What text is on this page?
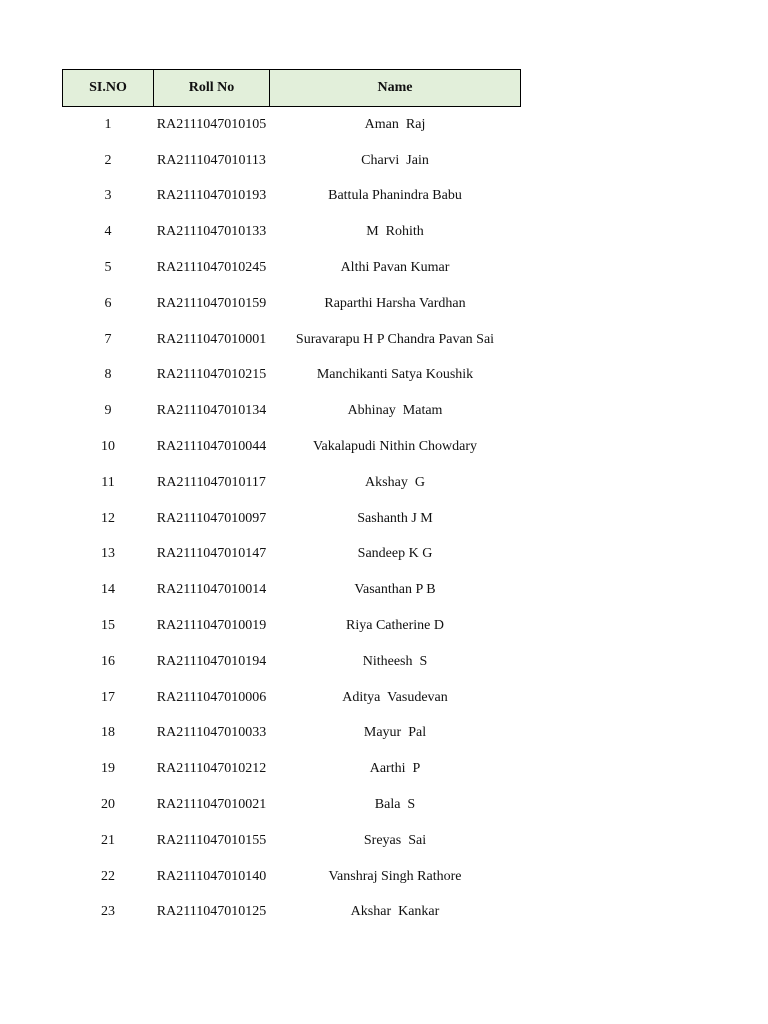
SI.NO	Roll No	Name
1	RA2111047010105	Aman  Raj
2	RA2111047010113	Charvi  Jain
3	RA2111047010193	Battula Phanindra Babu
4	RA2111047010133	M  Rohith
5	RA2111047010245	Althi Pavan Kumar
6	RA2111047010159	Raparthi Harsha Vardhan
7	RA2111047010001	Suravarapu H P Chandra Pavan Sai
8	RA2111047010215	Manchikanti Satya Koushik
9	RA2111047010134	Abhinay  Matam
10	RA2111047010044	Vakalapudi Nithin Chowdary
11	RA2111047010117	Akshay  G
12	RA2111047010097	Sashanth J M
13	RA2111047010147	Sandeep K G
14	RA2111047010014	Vasanthan P B
15	RA2111047010019	Riya Catherine D
16	RA2111047010194	Nitheesh  S
17	RA2111047010006	Aditya  Vasudevan
18	RA2111047010033	Mayur  Pal
19	RA2111047010212	Aarthi  P
20	RA2111047010021	Bala  S
21	RA2111047010155	Sreyas  Sai
22	RA2111047010140	Vanshraj Singh Rathore
23	RA2111047010125	Akshar  Kankar
